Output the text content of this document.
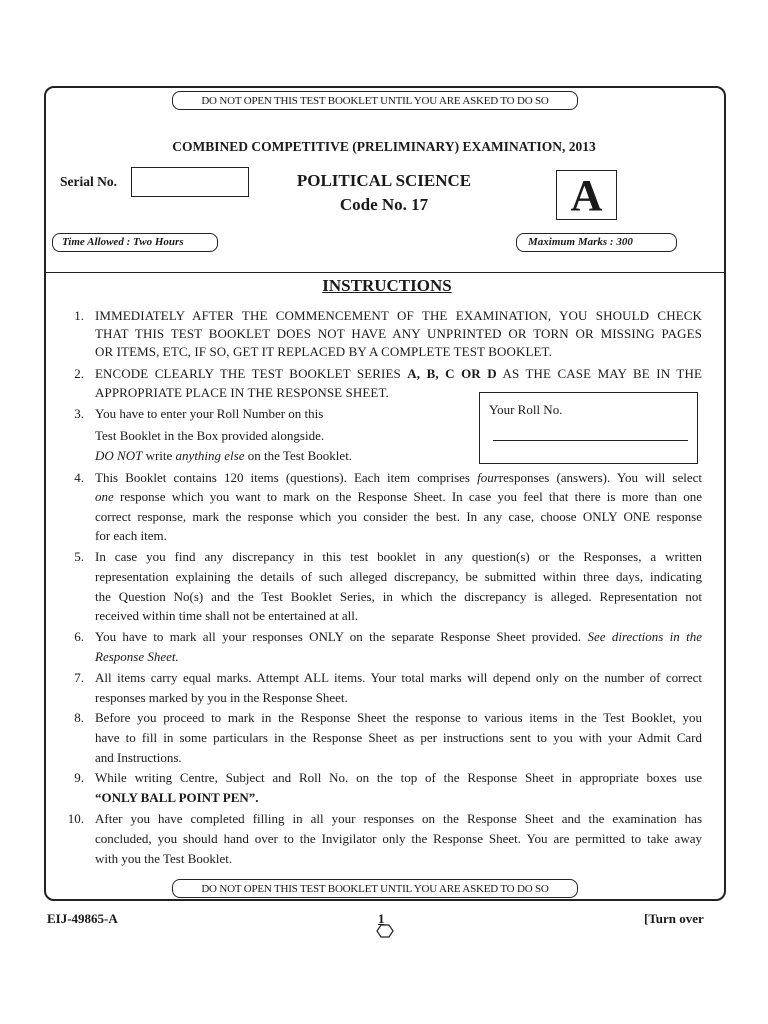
DO NOT OPEN THIS TEST BOOKLET UNTIL YOU ARE ASKED TO DO SO
COMBINED COMPETITIVE (PRELIMINARY) EXAMINATION, 2013
Serial No.	POLITICAL SCIENCE
Code No. 17	A
Time Allowed : Two Hours	Maximum Marks : 300
INSTRUCTIONS
1. IMMEDIATELY AFTER THE COMMENCEMENT OF THE EXAMINATION, YOU SHOULD CHECK
THAT THIS TEST BOOKLET DOES NOT HAVE ANY UNPRINTED OR TORN OR MISSING PAGES
OR ITEMS, ETC, IF SO, GET IT REPLACED BY A COMPLETE TEST BOOKLET.
2. ENCODE CLEARLY THE TEST BOOKLET SERIES A, B, C OR D AS THE CASE MAY BE IN THE
APPROPRIATE PLACE IN THE RESPONSE SHEET.
3. You have to enter your Roll Number on this
Test Booklet in the Box provided alongside.
DO NOT write anything else on the Test Booklet.
Your Roll No.
4. This Booklet contains 120 items (questions). Each item comprises fourresponses (answers). You will select
one response which you want to mark on the Response Sheet. In case you feel that there is more than one
correct response, mark the response which you consider the best. In any case, choose ONLY ONE response
for each item.
5. In case you find any discrepancy in this test booklet in any question(s) or the Responses, a written
representation explaining the details of such alleged discrepancy, be submitted within three days, indicating
the Question No(s) and the Test Booklet Series, in which the discrepancy is alleged. Representation not
received within time shall not be entertained at all.
6. You have to mark all your responses ONLY on the separate Response Sheet provided. See directions in the
Response Sheet.
7. All items carry equal marks. Attempt ALL items. Your total marks will depend only on the number of correct
responses marked by you in the Response Sheet.
8. Before you proceed to mark in the Response Sheet the response to various items in the Test Booklet, you
have to fill in some particulars in the Response Sheet as per instructions sent to you with your Admit Card
and Instructions.
9. While writing Centre, Subject and Roll No. on the top of the Response Sheet in appropriate boxes use
“ONLY BALL POINT PEN”.
10. After you have completed filling in all your responses on the Response Sheet and the examination has
concluded, you should hand over to the Invigilator only the Response Sheet. You are permitted to take away
with you the Test Booklet.
DO NOT OPEN THIS TEST BOOKLET UNTIL YOU ARE ASKED TO DO SO
EIJ-49865-A	1	[Turn over
